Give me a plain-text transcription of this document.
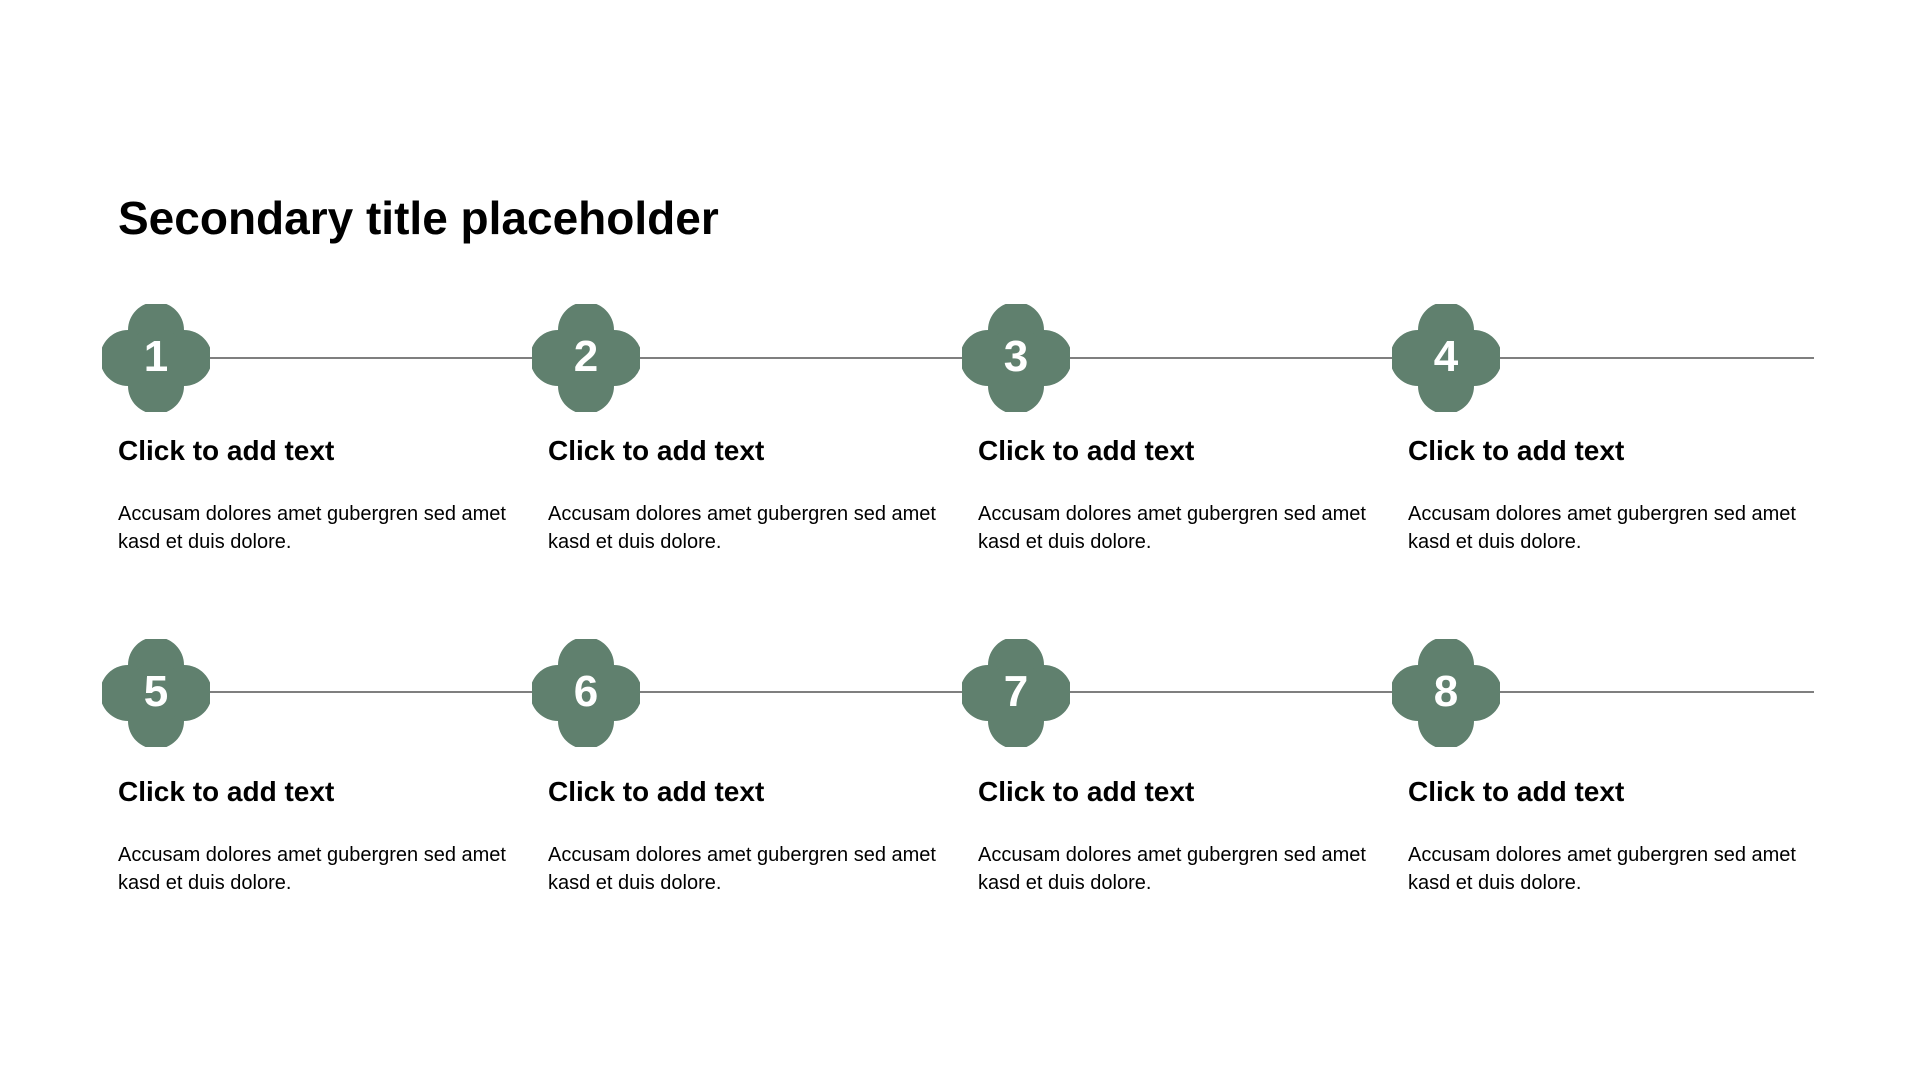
Secondary title placeholder
1
Click to add text

Accusam dolores amet gubergren sed amet kasd et duis dolore.

2
Click to add text

Accusam dolores amet gubergren sed amet kasd et duis dolore.

3
Click to add text

Accusam dolores amet gubergren sed amet kasd et duis dolore.

4
Click to add text

Accusam dolores amet gubergren sed amet kasd et duis dolore.

5
Click to add text

Accusam dolores amet gubergren sed amet kasd et duis dolore.

6
Click to add text

Accusam dolores amet gubergren sed amet kasd et duis dolore.

7
Click to add text

Accusam dolores amet gubergren sed amet kasd et duis dolore.

8
Click to add text

Accusam dolores amet gubergren sed amet kasd et duis dolore.
